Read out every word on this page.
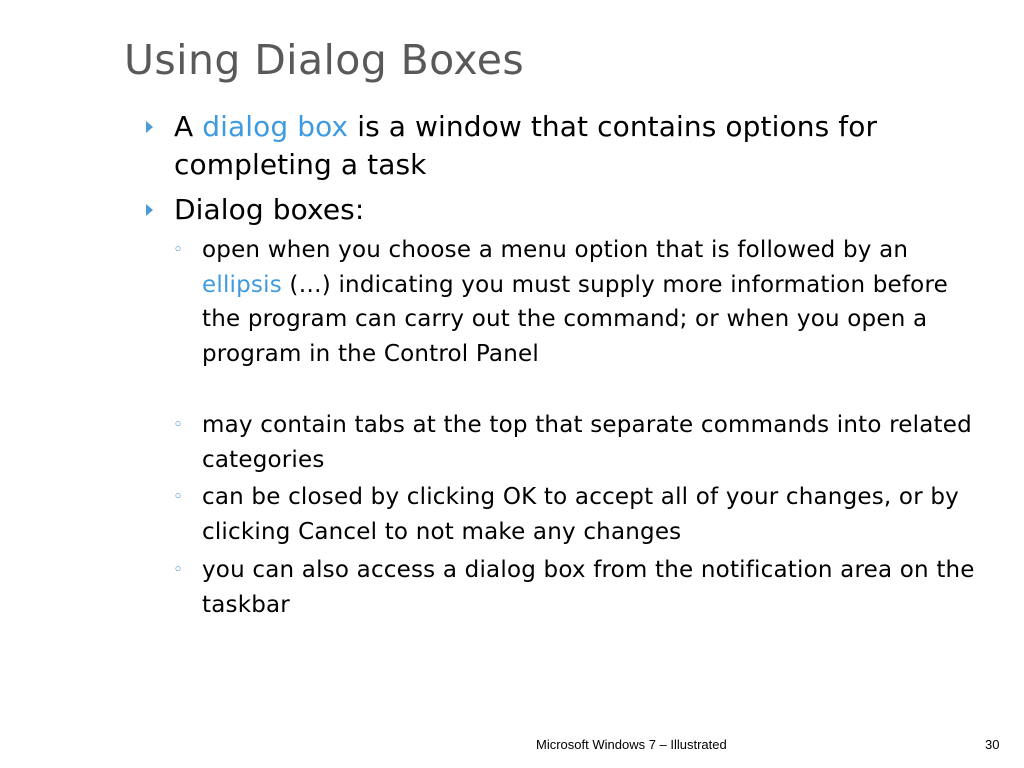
Using Dialog Boxes

A dialog box is a window that contains options for completing a task

Dialog boxes:

◦ open when you choose a menu option that is followed by an ellipsis (…) indicating you must supply more information before the program can carry out the command; or when you open a program in the Control Panel

◦ may contain tabs at the top that separate commands into related categories

◦ can be closed by clicking OK to accept all of your changes, or by clicking Cancel to not make any changes

◦ you can also access a dialog box from the notification area on the taskbar

Microsoft Windows 7 – Illustrated	30
